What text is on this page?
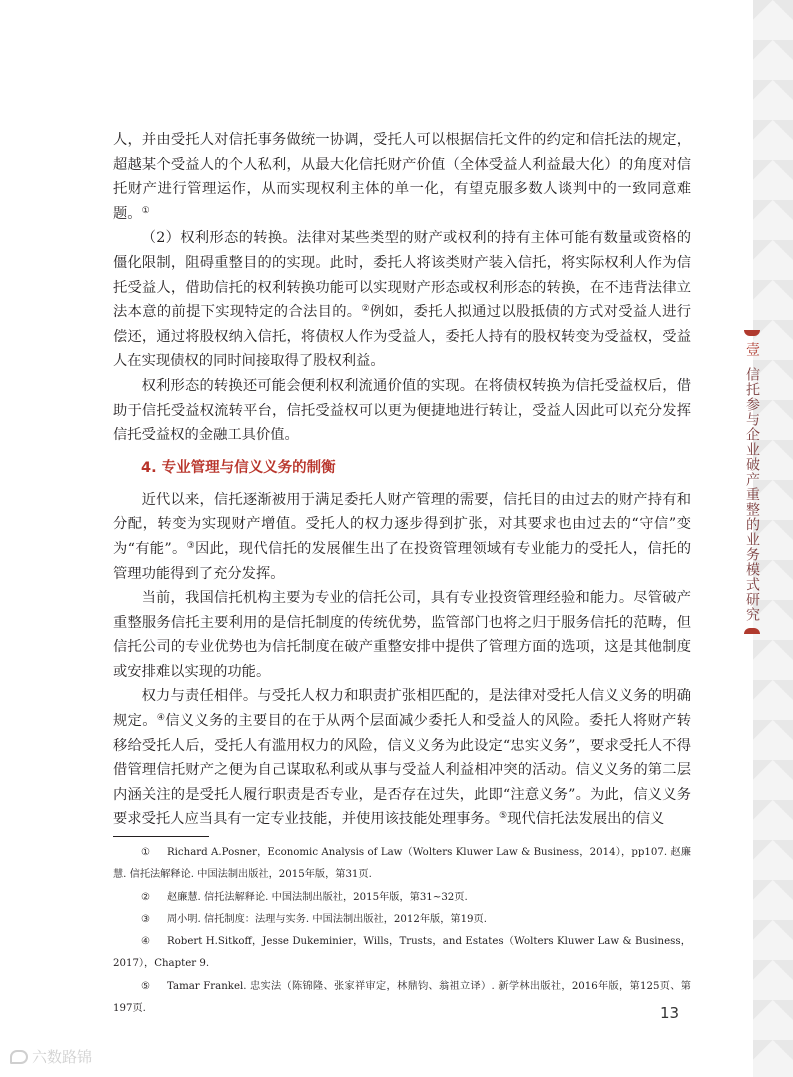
壹
信托参与企业破产重整的业务模式研究

人，并由受托人对信托事务做统一协调，受托人可以根据信托文件的约定和信托法的规定，超越某个受益人的个人私利，从最大化信托财产价值（全体受益人利益最大化）的角度对信托财产进行管理运作，从而实现权利主体的单一化，有望克服多数人谈判中的一致同意难题。①

（2）权利形态的转换。法律对某些类型的财产或权利的持有主体可能有数量或资格的僵化限制，阻碍重整目的的实现。此时，委托人将该类财产装入信托，将实际权利人作为信托受益人，借助信托的权利转换功能可以实现财产形态或权利形态的转换，在不违背法律立法本意的前提下实现特定的合法目的。②例如，委托人拟通过以股抵债的方式对受益人进行偿还，通过将股权纳入信托，将债权人作为受益人，委托人持有的股权转变为受益权，受益人在实现债权的同时间接取得了股权利益。

权利形态的转换还可能会便利权利流通价值的实现。在将债权转换为信托受益权后，借助于信托受益权流转平台，信托受益权可以更为便捷地进行转让，受益人因此可以充分发挥信托受益权的金融工具价值。

4. 专业管理与信义义务的制衡

近代以来，信托逐渐被用于满足委托人财产管理的需要，信托目的由过去的财产持有和分配，转变为实现财产增值。受托人的权力逐步得到扩张，对其要求也由过去的“守信”变为“有能”。③因此，现代信托的发展催生出了在投资管理领域有专业能力的受托人，信托的管理功能得到了充分发挥。

当前，我国信托机构主要为专业的信托公司，具有专业投资管理经验和能力。尽管破产重整服务信托主要利用的是信托制度的传统优势，监管部门也将之归于服务信托的范畴，但信托公司的专业优势也为信托制度在破产重整安排中提供了管理方面的选项，这是其他制度或安排难以实现的功能。

权力与责任相伴。与受托人权力和职责扩张相匹配的，是法律对受托人信义义务的明确规定。④信义义务的主要目的在于从两个层面减少委托人和受益人的风险。委托人将财产转移给受托人后，受托人有滥用权力的风险，信义义务为此设定“忠实义务”，要求受托人不得借管理信托财产之便为自己谋取私利或从事与受益人利益相冲突的活动。信义义务的第二层内涵关注的是受托人履行职责是否专业，是否存在过失，此即“注意义务”。为此，信义义务要求受托人应当具有一定专业技能，并使用该技能处理事务。⑤现代信托法发展出的信义

① Richard A.Posner，Economic Analysis of Law（Wolters Kluwer Law & Business，2014），pp107. 赵廉慧. 信托法解释论. 中国法制出版社，2015年版，第31页.

② 赵廉慧. 信托法解释论. 中国法制出版社，2015年版，第31~32页.

③ 周小明. 信托制度：法理与实务. 中国法制出版社，2012年版，第19页.

④ Robert H.Sitkoff，Jesse Dukeminier，Wills，Trusts，and Estates（Wolters Kluwer Law & Business，2017），Chapter 9.

⑤ Tamar Frankel. 忠实法（陈锦隆、张家祥审定，林鼎钧、翁祖立译）. 新学林出版社，2016年版，第125页、第197页.	13
六数路锦
